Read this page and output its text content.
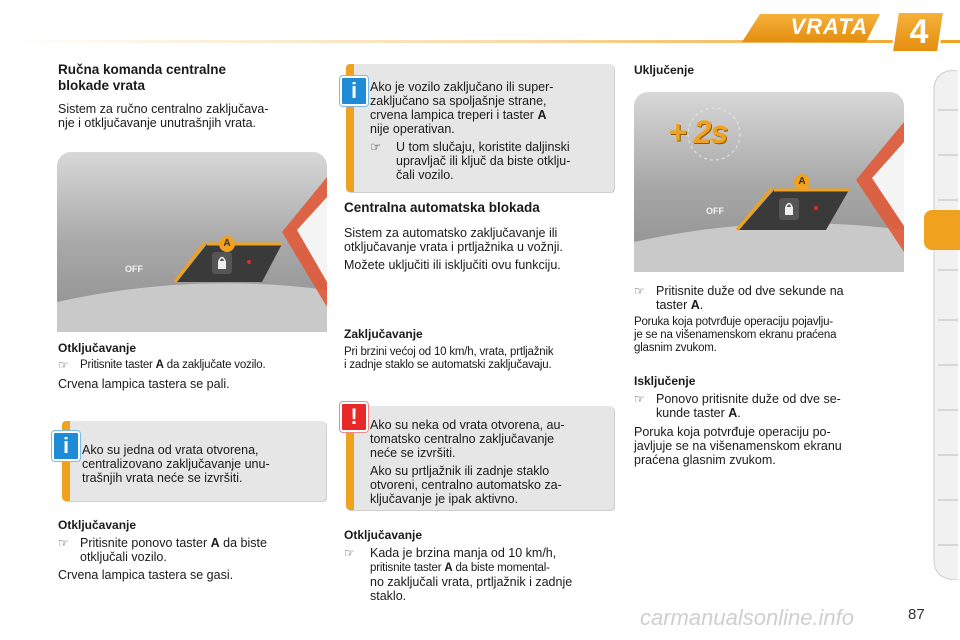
VRATA	4
Ručna komanda centralne
blokade vrata

Sistem za ručno centralno zaključava-

nje i otključavanje unutrašnjih vrata.

A
OFF
Otključavanje
☞ Pritisnite taster A da zaključate vozilo.

Crvena lampica tastera se pali.

Ako su jedna od vrata otvorena,
centralizovano zaključavanje unu-
trašnjih vrata neće se izvršiti.
i
Otključavanje
☞ Pritisnite ponovo taster A da biste
otključali vozilo.

Crvena lampica tastera se gasi.

Ako je vozilo zaključano ili super-
zaključano sa spoljašnje strane,
crvena lampica treperi i taster A
nije operativan.
☞	U tom slučaju, koristite daljinski
upravljač ili ključ da biste otklju-
čali vozilo.
i
Centralna automatska blokada

Sistem za automatsko zaključavanje ili

otključavanje vrata i prtljažnika u vožnji.

Možete uključiti ili isključiti ovu funkciju.

Zaključavanje
Pri brzini većoj od 10 km/h, vrata, prtljažnik
i zadnje staklo se automatski zaključavaju.
Ako su neka od vrata otvorena, au-
tomatsko centralno zaključavanje
neće se izvršiti.
Ako su prtljažnik ili zadnje staklo
otvoreni, centralno automatsko za-
ključavanje je ipak aktivno.
!
Otključavanje
☞	Kada je brzina manja od 10 km/h,
pritisnite taster A da biste momental-
no zaključali vrata, prtljažnik i zadnje
staklo.
Uključenje
+ 2s
A
OFF
☞ Pritisnite duže od dve sekunde na
taster A.
Poruka koja potvrđuje operaciju pojavlju-
je se na višenamenskom ekranu praćena
glasnim zvukom.
Isključenje
☞ Ponovo pritisnite duže od dve se-
kunde taster A.

Poruka koja potvrđuje operaciju po-

javljuje se na višenamenskom ekranu

praćena glasnim zvukom.

carmanualsonline.info	87
